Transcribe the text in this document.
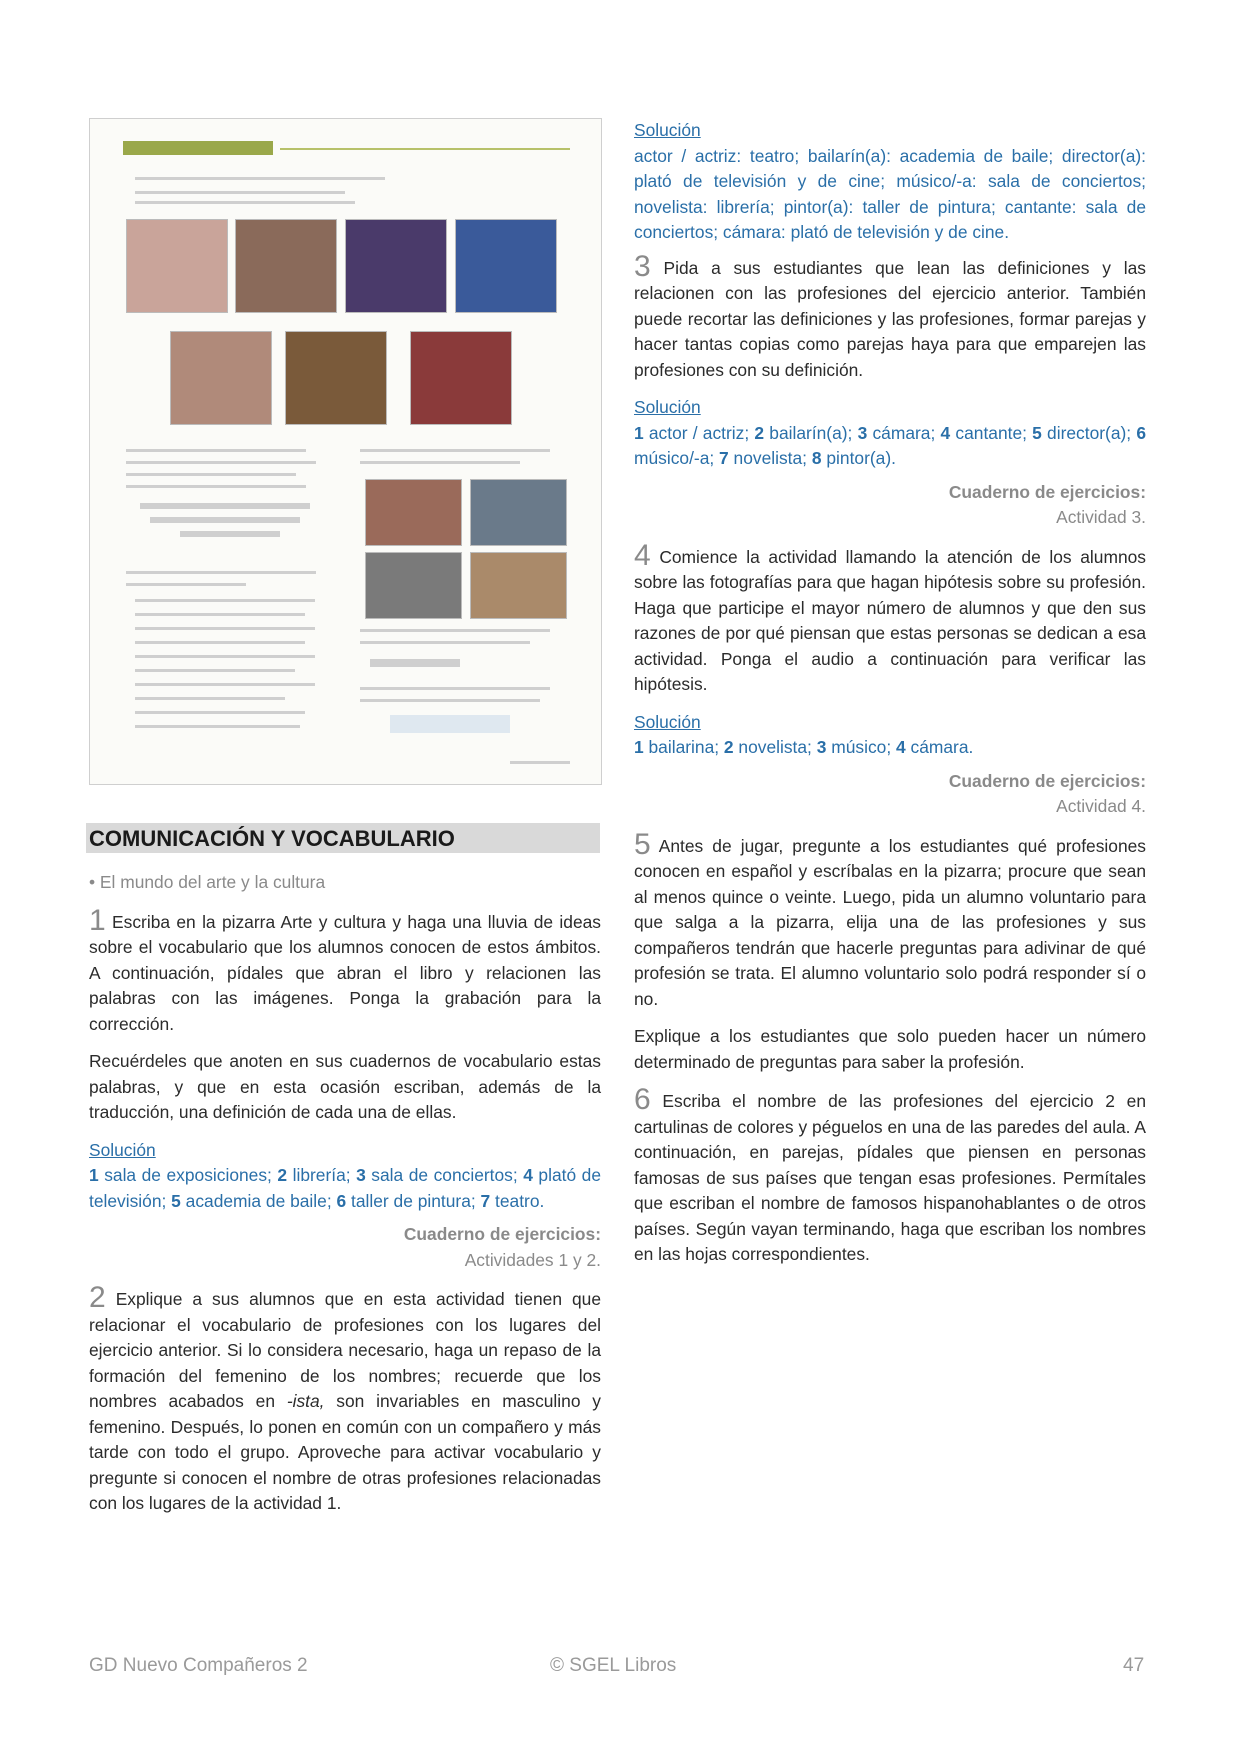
COMUNICACIÓN Y VOCABULARIO

• El mundo del arte y la cultura

1 Escriba en la pizarra Arte y cultura y haga una lluvia de ideas sobre el vocabulario que los alumnos conocen de estos ámbitos. A continuación, pídales que abran el libro y relacionen las palabras con las imágenes. Ponga la grabación para la corrección.

Recuérdeles que anoten en sus cuadernos de vocabulario estas palabras, y que en esta ocasión escriban, además de la traducción, una definición de cada una de ellas.

Solución

1 sala de exposiciones; 2 librería; 3 sala de conciertos; 4 plató de televisión; 5 academia de baile; 6 taller de pintura; 7 teatro.

Cuaderno de ejercicios:
Actividades 1 y 2.

2 Explique a sus alumnos que en esta actividad tienen que relacionar el vocabulario de profesiones con los lugares del ejercicio anterior. Si lo considera necesario, haga un repaso de la formación del femenino de los nombres; recuerde que los nombres acabados en -ista, son invariables en masculino y femenino. Después, lo ponen en común con un compañero y más tarde con todo el grupo. Aproveche para activar vocabulario y pregunte si conocen el nombre de otras profesiones relacionadas con los lugares de la actividad 1.

Solución

actor / actriz: teatro; bailarín(a): academia de baile; director(a): plató de televisión y de cine; músico/-a: sala de conciertos; novelista: librería; pintor(a): taller de pintura; cantante: sala de conciertos; cámara: plató de televisión y de cine.

3 Pida a sus estudiantes que lean las definiciones y las relacionen con las profesiones del ejercicio anterior. También puede recortar las definiciones y las profesiones, formar parejas y hacer tantas copias como parejas haya para que emparejen las profesiones con su definición.

Solución

1 actor / actriz; 2 bailarín(a); 3 cámara; 4 cantante; 5 director(a); 6 músico/-a; 7 novelista; 8 pintor(a).

Cuaderno de ejercicios:
Actividad 3.

4 Comience la actividad llamando la atención de los alumnos sobre las fotografías para que hagan hipótesis sobre su profesión. Haga que participe el mayor número de alumnos y que den sus razones de por qué piensan que estas personas se dedican a esa actividad. Ponga el audio a continuación para verificar las hipótesis.

Solución

1 bailarina; 2 novelista; 3 músico; 4 cámara.

Cuaderno de ejercicios:
Actividad 4.

5 Antes de jugar, pregunte a los estudiantes qué profesiones conocen en español y escríbalas en la pizarra; procure que sean al menos quince o veinte. Luego, pida un alumno voluntario para que salga a la pizarra, elija una de las profesiones y sus compañeros tendrán que hacerle preguntas para adivinar de qué profesión se trata. El alumno voluntario solo podrá responder sí o no.

Explique a los estudiantes que solo pueden hacer un número determinado de preguntas para saber la profesión.

6 Escriba el nombre de las profesiones del ejercicio 2 en cartulinas de colores y péguelos en una de las paredes del aula. A continuación, en parejas, pídales que piensen en personas famosas de sus países que tengan esas profesiones. Permítales que escriban el nombre de famosos hispanohablantes o de otros países. Según vayan terminando, haga que escriban los nombres en las hojas correspondientes.

GD Nuevo Compañeros 2	© SGEL Libros	47
